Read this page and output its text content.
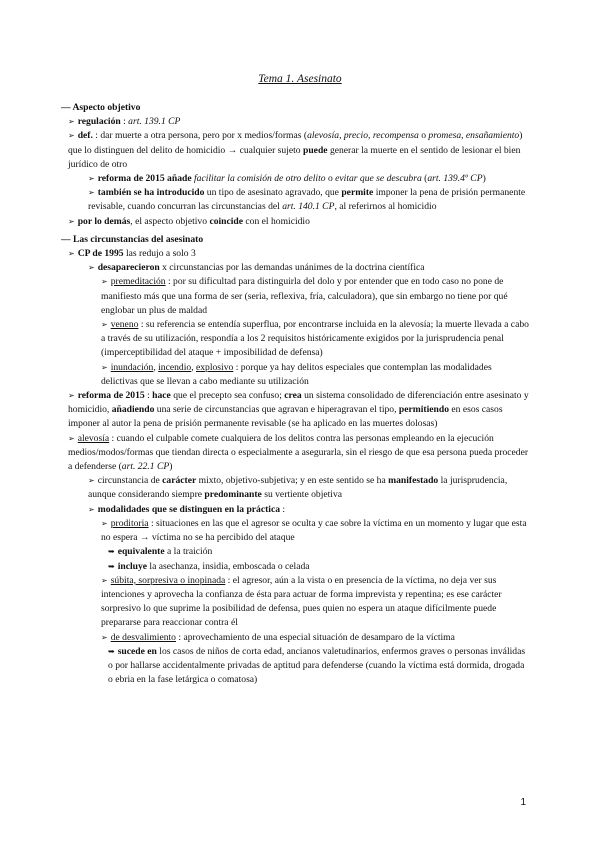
Tema 1. Asesinato

— Aspecto objetivo

➢ regulación : art. 139.1 CP

➢ def. : dar muerte a otra persona, pero por x medios/formas (alevosía, precio, recompensa o promesa, ensañamiento) que lo distinguen del delito de homicidio → cualquier sujeto puede generar la muerte en el sentido de lesionar el bien jurídico de otro

➢ reforma de 2015 añade facilitar la comisión de otro delito o evitar que se descubra (art. 139.4º CP)

➢ también se ha introducido un tipo de asesinato agravado, que permite imponer la pena de prisión permanente revisable, cuando concurran las circunstancias del art. 140.1 CP, al referirnos al homicidio

➢ por lo demás, el aspecto objetivo coincide con el homicidio

— Las circunstancias del asesinato

➢ CP de 1995 las redujo a solo 3

➢ desaparecieron x circunstancias por las demandas unánimes de la doctrina científica

➢ premeditación : por su dificultad para distinguirla del dolo y por entender que en todo caso no pone de manifiesto más que una forma de ser (seria, reflexiva, fría, calculadora), que sin embargo no tiene por qué englobar un plus de maldad

➢ veneno : su referencia se entendía superflua, por encontrarse incluida en la alevosía; la muerte llevada a cabo a través de su utilización, respondía a los 2 requisitos históricamente exigidos por la jurisprudencia penal (imperceptibilidad del ataque + imposibilidad de defensa)

➢ inundación, incendio, explosivo : porque ya hay delitos especiales que contemplan las modalidades delictivas que se llevan a cabo mediante su utilización

➢ reforma de 2015 : hace que el precepto sea confuso; crea un sistema consolidado de diferenciación entre asesinato y homicidio, añadiendo una serie de circunstancias que agravan e hiperagravan el tipo, permitiendo en esos casos imponer al autor la pena de prisión permanente revisable (se ha aplicado en las muertes dolosas)

➢ alevosía : cuando el culpable comete cualquiera de los delitos contra las personas empleando en la ejecución medios/modos/formas que tiendan directa o especialmente a asegurarla, sin el riesgo de que esa persona pueda proceder a defenderse (art. 22.1 CP)

➢ circunstancia de carácter mixto, objetivo-subjetiva; y en este sentido se ha manifestado la jurisprudencia, aunque considerando siempre predominante su vertiente objetiva

➢ modalidades que se distinguen en la práctica :

➢ proditoria : situaciones en las que el agresor se oculta y cae sobre la víctima en un momento y lugar que esta no espera → víctima no se ha percibido del ataque

➥ equivalente a la traición

➥ incluye la asechanza, insidia, emboscada o celada

➢ súbita, sorpresiva o inopinada : el agresor, aún a la vista o en presencia de la víctima, no deja ver sus intenciones y aprovecha la confianza de ésta para actuar de forma imprevista y repentina; es ese carácter sorpresivo lo que suprime la posibilidad de defensa, pues quien no espera un ataque difícilmente puede prepararse para reaccionar contra él

➢ de desvalimiento : aprovechamiento de una especial situación de desamparo de la víctima

➥ sucede en los casos de niños de corta edad, ancianos valetudinarios, enfermos graves o personas inválidas o por hallarse accidentalmente privadas de aptitud para defenderse (cuando la víctima está dormida, drogada o ebria en la fase letárgica o comatosa)

1
